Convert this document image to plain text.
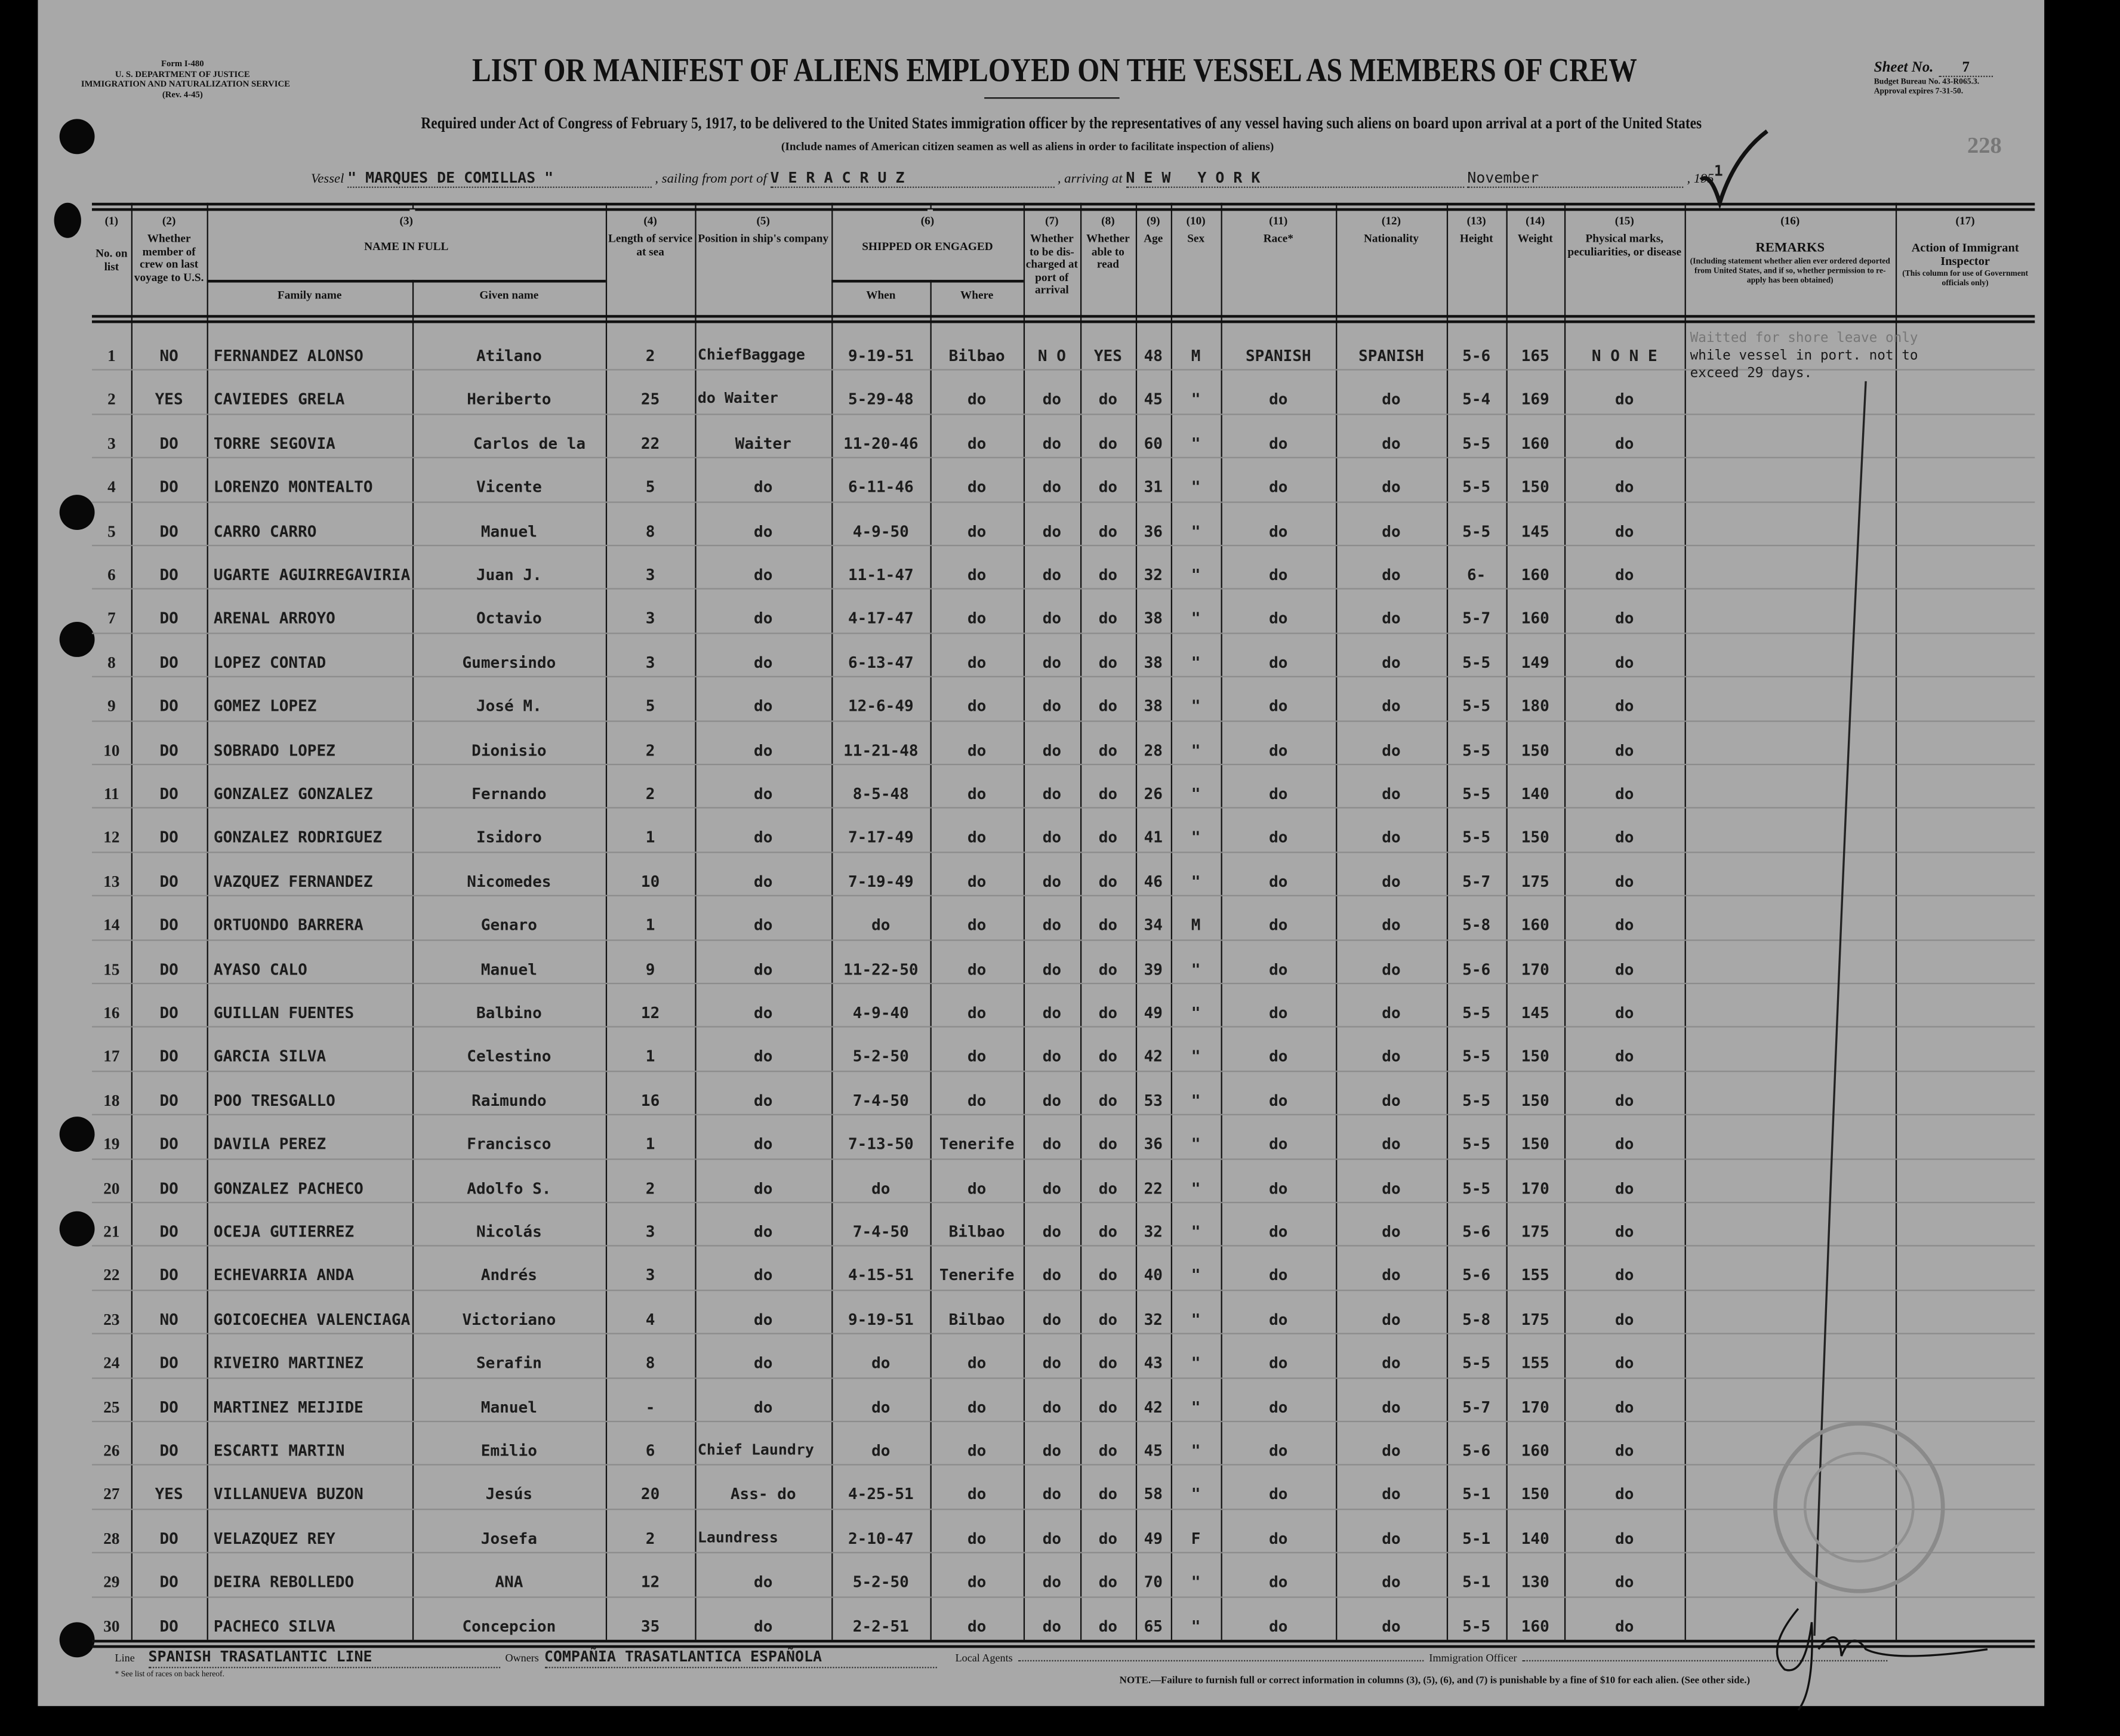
Form I-480
U. S. DEPARTMENT OF JUSTICE
IMMIGRATION AND NATURALIZATION SERVICE
(Rev. 4-45)
LIST OR MANIFEST OF ALIENS EMPLOYED ON THE VESSEL AS MEMBERS OF CREW
Required under Act of Congress of February 5, 1917, to be delivered to the United States immigration officer by the representatives of any vessel having such aliens on board upon arrival at a port of the United States
(Include names of American citizen seamen as well as aliens in order to facilitate inspection of aliens)
Sheet No.	7
Budget Bureau No. 43-R065.3.
Approval expires 7-31-50.
228
Vessel " MARQUES DE COMILLAS "	, sailing from port of V E R A C R U Z	, arriving at N E W   Y O R K	November	, 1951
(1)
No. on list
(2)
Whether member of crew on last voyage to U.S.
(3)
NAME IN FULL
Family name	Given name
(4)
Length of service at sea
(5)
Position in ship's company
(6)
SHIPPED OR ENGAGED
When	Where
(7)
Whether to be dis-charged at port of arrival
(8)
Whether able to read
(9)
Age
(10)
Sex
(11)
Race*
(12)
Nationality
(13)
Height
(14)
Weight
(15)
Physical marks, peculiarities, or disease
(16)
REMARKS
(Including statement whether alien ever ordered deported from United States, and if so, whether permission to re-apply has been obtained)
(17)
Action of Immigrant Inspector
(This column for use of Government officials only)
1	NO	FERNANDEZ ALONSO	Atilano	2	ChiefBaggage	9-19-51	Bilbao	N O	YES	48	M	SPANISH	SPANISH	5-6	165	N O N E
2	YES	CAVIEDES GRELA	Heriberto	25	do Waiter	5-29-48	do	do	do	45	"	do	do	5-4	169	do
3	DO	TORRE SEGOVIA	Carlos de la	22	Waiter	11-20-46	do	do	do	60	"	do	do	5-5	160	do
4	DO	LORENZO MONTEALTO	Vicente	5	do	6-11-46	do	do	do	31	"	do	do	5-5	150	do
5	DO	CARRO CARRO	Manuel	8	do	4-9-50	do	do	do	36	"	do	do	5-5	145	do
6	DO	UGARTE AGUIRREGAVIRIA	Juan J.	3	do	11-1-47	do	do	do	32	"	do	do	6-	160	do
7	DO	ARENAL ARROYO	Octavio	3	do	4-17-47	do	do	do	38	"	do	do	5-7	160	do
8	DO	LOPEZ CONTAD	Gumersindo	3	do	6-13-47	do	do	do	38	"	do	do	5-5	149	do
9	DO	GOMEZ LOPEZ	José M.	5	do	12-6-49	do	do	do	38	"	do	do	5-5	180	do
10	DO	SOBRADO LOPEZ	Dionisio	2	do	11-21-48	do	do	do	28	"	do	do	5-5	150	do
11	DO	GONZALEZ GONZALEZ	Fernando	2	do	8-5-48	do	do	do	26	"	do	do	5-5	140	do
12	DO	GONZALEZ RODRIGUEZ	Isidoro	1	do	7-17-49	do	do	do	41	"	do	do	5-5	150	do
13	DO	VAZQUEZ FERNANDEZ	Nicomedes	10	do	7-19-49	do	do	do	46	"	do	do	5-7	175	do
14	DO	ORTUONDO BARRERA	Genaro	1	do	do	do	do	do	34	M	do	do	5-8	160	do
15	DO	AYASO CALO	Manuel	9	do	11-22-50	do	do	do	39	"	do	do	5-6	170	do
16	DO	GUILLAN FUENTES	Balbino	12	do	4-9-40	do	do	do	49	"	do	do	5-5	145	do
17	DO	GARCIA SILVA	Celestino	1	do	5-2-50	do	do	do	42	"	do	do	5-5	150	do
18	DO	POO TRESGALLO	Raimundo	16	do	7-4-50	do	do	do	53	"	do	do	5-5	150	do
19	DO	DAVILA PEREZ	Francisco	1	do	7-13-50	Tenerife	do	do	36	"	do	do	5-5	150	do
20	DO	GONZALEZ PACHECO	Adolfo S.	2	do	do	do	do	do	22	"	do	do	5-5	170	do
21	DO	OCEJA GUTIERREZ	Nicolás	3	do	7-4-50	Bilbao	do	do	32	"	do	do	5-6	175	do
22	DO	ECHEVARRIA ANDA	Andrés	3	do	4-15-51	Tenerife	do	do	40	"	do	do	5-6	155	do
23	NO	GOICOECHEA VALENCIAGA	Victoriano	4	do	9-19-51	Bilbao	do	do	32	"	do	do	5-8	175	do
24	DO	RIVEIRO MARTINEZ	Serafin	8	do	do	do	do	do	43	"	do	do	5-5	155	do
25	DO	MARTINEZ MEIJIDE	Manuel	-	do	do	do	do	do	42	"	do	do	5-7	170	do
26	DO	ESCARTI MARTIN	Emilio	6	Chief Laundry	do	do	do	do	45	"	do	do	5-6	160	do
27	YES	VILLANUEVA BUZON	Jesús	20	Ass- do	4-25-51	do	do	do	58	"	do	do	5-1	150	do
28	DO	VELAZQUEZ REY	Josefa	2	Laundress	2-10-47	do	do	do	49	F	do	do	5-1	140	do
29	DO	DEIRA REBOLLEDO	ANA	12	do	5-2-50	do	do	do	70	"	do	do	5-1	130	do
30	DO	PACHECO SILVA	Concepcion	35	do	2-2-51	do	do	do	65	"	do	do	5-5	160	do
Waitted for shore leave only
while vessel in port. not to
exceed 29 days.
Line SPANISH TRASATLANTIC LINE	Owners COMPAÑIA TRASATLANTICA ESPAÑOLA	Local Agents	Immigration Officer
* See list of races on back hereof.	NOTE.—Failure to furnish full or correct information in columns (3), (5), (6), and (7) is punishable by a fine of $10 for each alien. (See other side.)
